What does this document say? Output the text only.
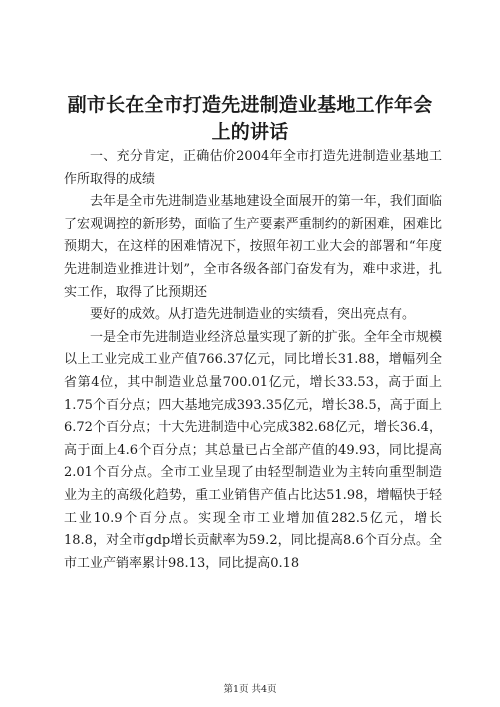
副市长在全市打造先进制造业基地工作年会上的讲话

一、充分肯定，正确估价2004年全市打造先进制造业基地工作所取得的成绩

去年是全市先进制造业基地建设全面展开的第一年，我们面临了宏观调控的新形势，面临了生产要素严重制约的新困难，困难比预期大，在这样的困难情况下，按照年初工业大会的部署和“年度先进制造业推进计划”，全市各级各部门奋发有为，难中求进，扎实工作，取得了比预期还

要好的成效。从打造先进制造业的实绩看，突出亮点有。

一是全市先进制造业经济总量实现了新的扩张。全年全市规模以上工业完成工业产值766.37亿元，同比增长31.88，增幅列全省第4位，其中制造业总量700.01亿元，增长33.53，高于面上1.75个百分点；四大基地完成393.35亿元，增长38.5，高于面上6.72个百分点；十大先进制造中心完成382.68亿元，增长36.4，高于面上4.6个百分点；其总量已占全部产值的49.93，同比提高2.01个百分点。全市工业呈现了由轻型制造业为主转向重型制造业为主的高级化趋势，重工业销售产值占比达51.98，增幅快于轻工业10.9个百分点。实现全市工业增加值282.5亿元，增长18.8，对全市gdp增长贡献率为59.2，同比提高8.6个百分点。全市工业产销率累计98.13，同比提高0.18

第1页 共4页
